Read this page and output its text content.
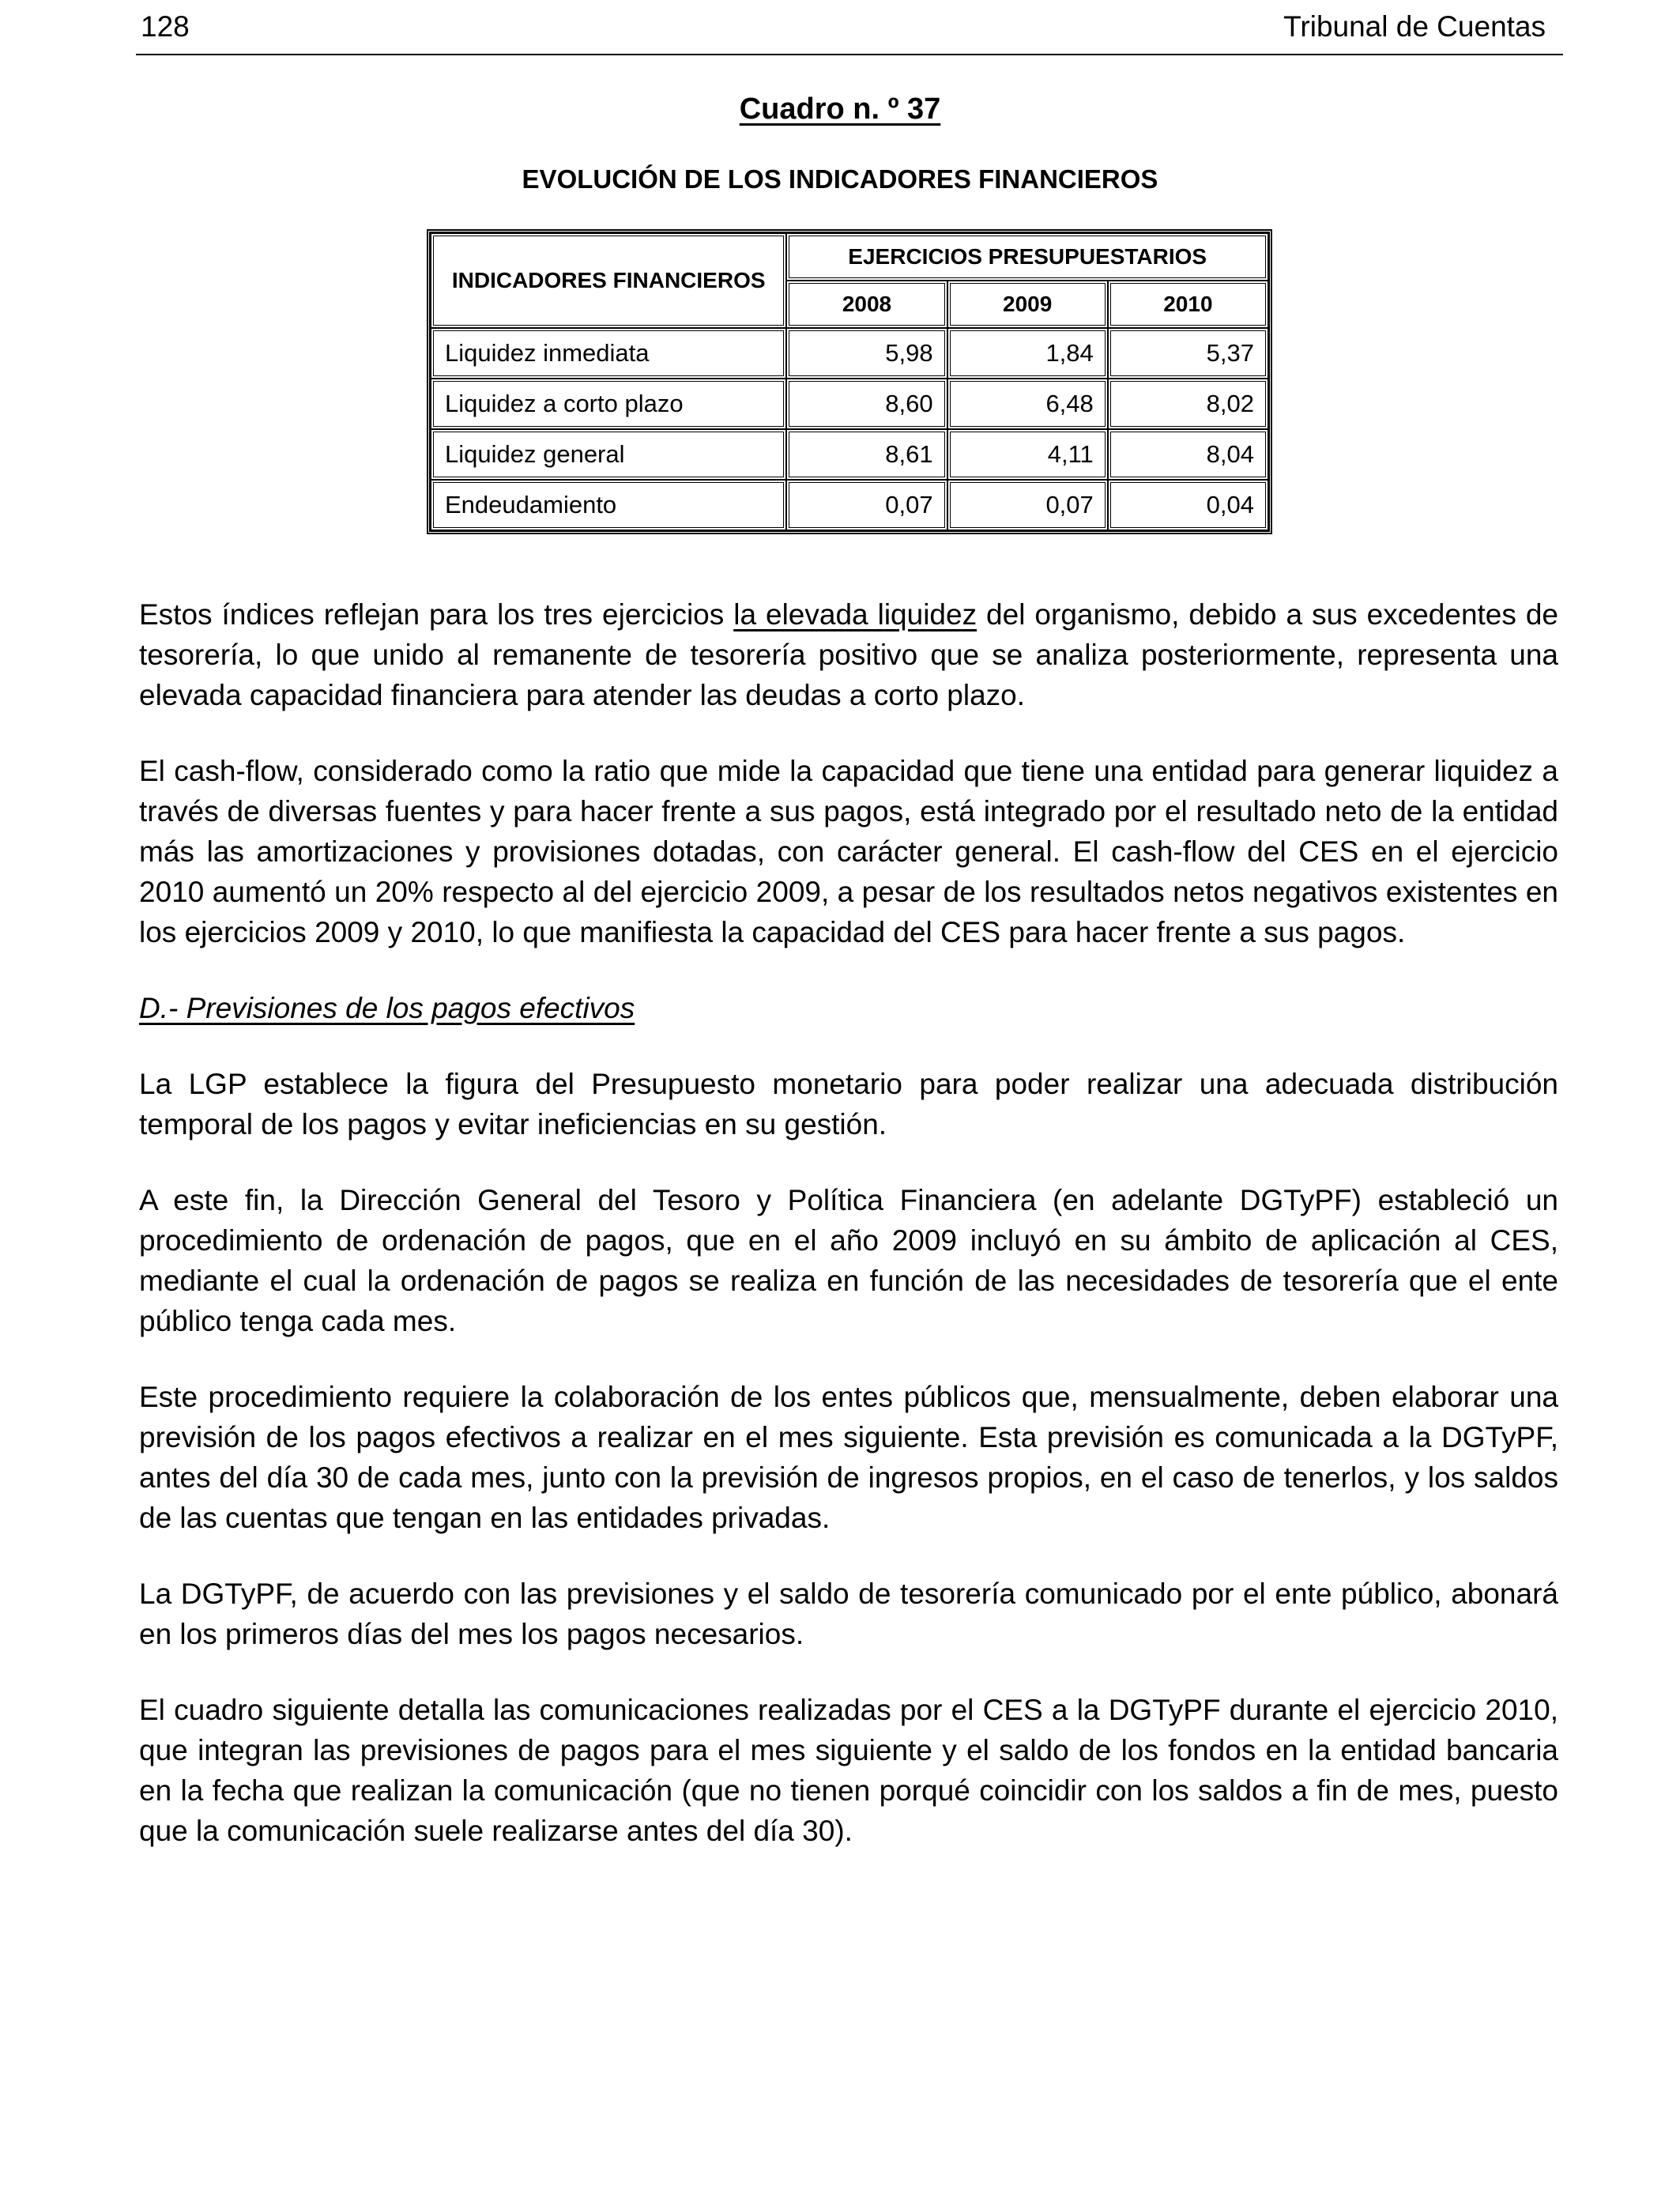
128	Tribunal de Cuentas
Cuadro n. º 37
EVOLUCIÓN DE LOS INDICADORES FINANCIEROS
INDICADORES FINANCIEROS	EJERCICIOS PRESUPUESTARIOS		
	2008	2009	2010
Liquidez inmediata	5,98	1,84	5,37
Liquidez a corto plazo	8,60	6,48	8,02
Liquidez general	8,61	4,11	8,04
Endeudamiento	0,07	0,07	0,04

Estos índices reflejan para los tres ejercicios la elevada liquidez del organismo, debido a sus excedentes de tesorería, lo que unido al remanente de tesorería positivo que se analiza posteriormente, representa una elevada capacidad financiera para atender las deudas a corto plazo.

El cash-flow, considerado como la ratio que mide la capacidad que tiene una entidad para generar liquidez a través de diversas fuentes y para hacer frente a sus pagos, está integrado por el resultado neto de la entidad más las amortizaciones y provisiones dotadas, con carácter general. El cash-flow del CES en el ejercicio 2010 aumentó un 20% respecto al del ejercicio 2009, a pesar de los resultados netos negativos existentes en los ejercicios 2009 y 2010, lo que manifiesta la capacidad del CES para hacer frente a sus pagos.

D.- Previsiones de los pagos efectivos

La LGP establece la figura del Presupuesto monetario para poder realizar una adecuada distribución temporal de los pagos y evitar ineficiencias en su gestión.

A este fin, la Dirección General del Tesoro y Política Financiera (en adelante DGTyPF) estableció un procedimiento de ordenación de pagos, que en el año 2009 incluyó en su ámbito de aplicación al CES, mediante el cual la ordenación de pagos se realiza en función de las necesidades de tesorería que el ente público tenga cada mes.

Este procedimiento requiere la colaboración de los entes públicos que, mensualmente, deben elaborar una previsión de los pagos efectivos a realizar en el mes siguiente. Esta previsión es comunicada a la DGTyPF, antes del día 30 de cada mes, junto con la previsión de ingresos propios, en el caso de tenerlos, y los saldos de las cuentas que tengan en las entidades privadas.

La DGTyPF, de acuerdo con las previsiones y el saldo de tesorería comunicado por el ente público, abonará en los primeros días del mes los pagos necesarios.

El cuadro siguiente detalla las comunicaciones realizadas por el CES a la DGTyPF durante el ejercicio 2010, que integran las previsiones de pagos para el mes siguiente y el saldo de los fondos en la entidad bancaria en la fecha que realizan la comunicación (que no tienen porqué coincidir con los saldos a fin de mes, puesto que la comunicación suele realizarse antes del día 30).
